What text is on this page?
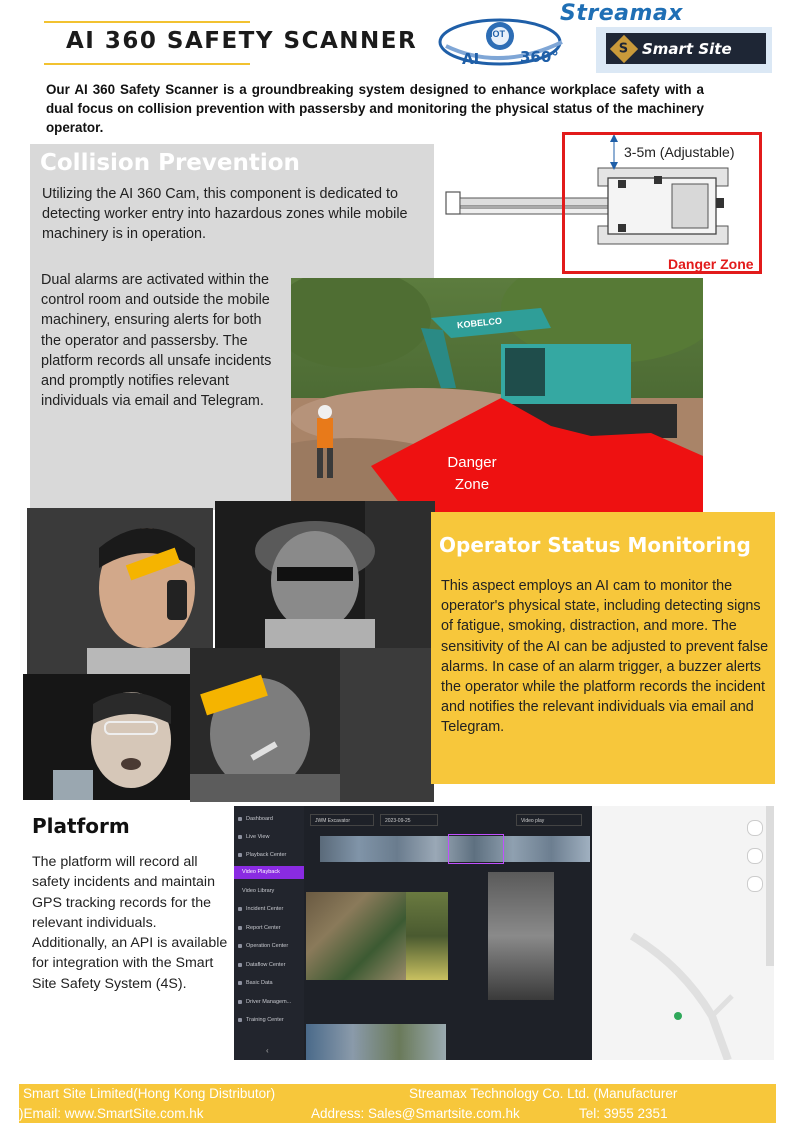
AI 360 SAFETY SCANNER	IOT
AI	360°
Streamax
S Smart Site
Our AI 360 Safety Scanner is a groundbreaking system designed to enhance workplace safety with a dual focus on collision prevention with passersby and monitoring the physical status of the machinery operator.
Collision Prevention
Utilizing the AI 360 Cam, this component is dedicated to detecting worker entry into hazardous zones while mobile machinery is in operation.
Dual alarms are activated within the control room and outside the mobile machinery, ensuring alerts for both the operator and passersby. The platform records all unsafe incidents and promptly notifies relevant individuals via email and Telegram.
3-5m (Adjustable)
Danger Zone
KOBELCO
Danger
Zone
Operator Status Monitoring
This aspect employs an AI cam to monitor the operator's physical state, including detecting signs of fatigue, smoking, distraction, and more. The sensitivity of the AI can be adjusted to prevent false alarms. In case of an alarm trigger, a buzzer alerts the operator while the platform records the incident and notifies the relevant individuals via email and Telegram.
Platform
The platform will record all safety incidents and maintain GPS tracking records for the relevant individuals. Additionally, an API is available for integration with the Smart Site Safety System (4S).
Dashboard
Live View
Playback Center
Video Playback
Video Library
Incident Center
Report Center
Operation Center
Dataflow Center
Basic Data
Driver Managem...
Training Center
‹
JWM Excavator	2023-09-25	Video play
Smart Site Limited(Hong Kong Distributor)	Streamax Technology Co. Ltd. (Manufacturer
)Email: www.SmartSite.com.hk	Address: Sales@Smartsite.com.hk	Tel: 3955 2351
